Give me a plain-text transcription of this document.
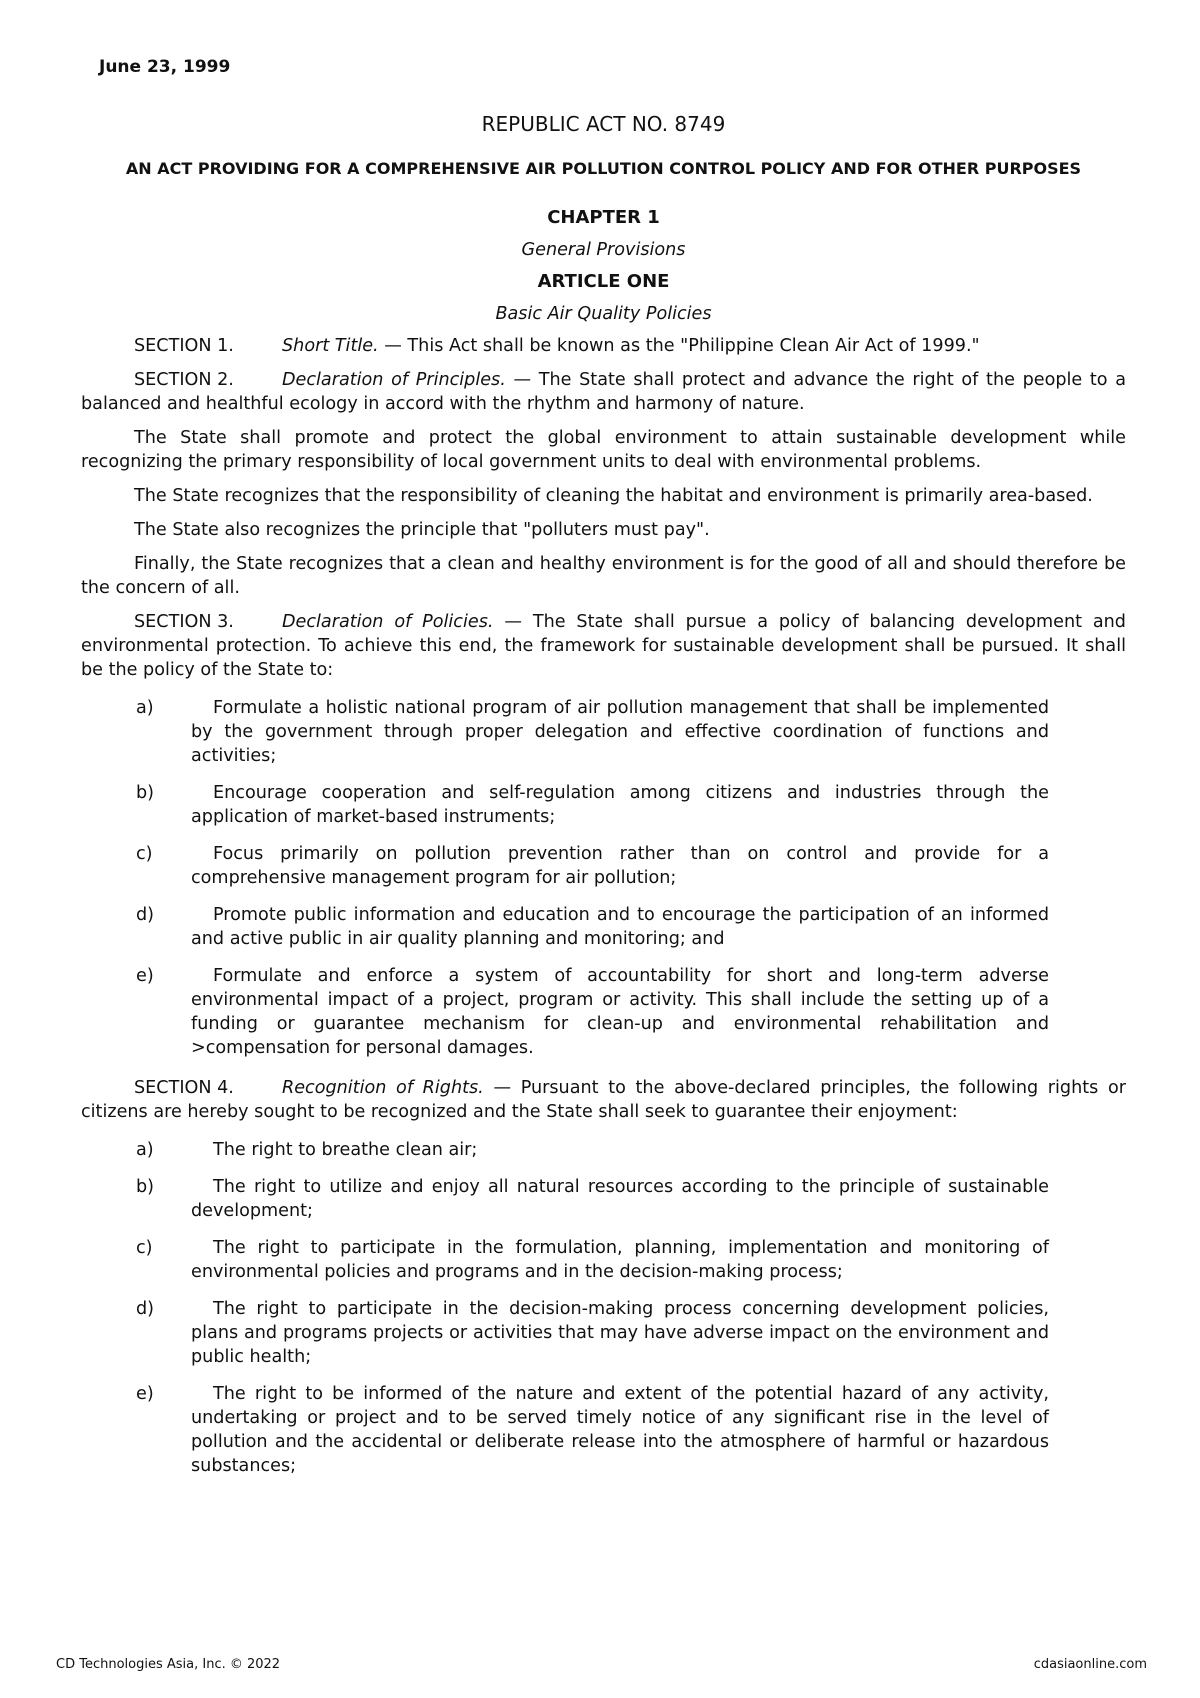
June 23, 1999
REPUBLIC ACT NO. 8749
AN ACT PROVIDING FOR A COMPREHENSIVE AIR POLLUTION CONTROL POLICY AND FOR OTHER PURPOSES
CHAPTER 1
General Provisions
ARTICLE ONE
Basic Air Quality Policies

SECTION 1.	Short Title. — This Act shall be known as the "Philippine Clean Air Act of 1999."

SECTION 2.	Declaration of Principles. — The State shall protect and advance the right of the people to a balanced and healthful ecology in accord with the rhythm and harmony of nature.

The State shall promote and protect the global environment to attain sustainable development while recognizing the primary responsibility of local government units to deal with environmental problems.

The State recognizes that the responsibility of cleaning the habitat and environment is primarily area-based.

The State also recognizes the principle that "polluters must pay".

Finally, the State recognizes that a clean and healthy environment is for the good of all and should therefore be the concern of all.

SECTION 3.	Declaration of Policies. — The State shall pursue a policy of balancing development and environmental protection. To achieve this end, the framework for sustainable development shall be pursued. It shall be the policy of the State to:

a)	Formulate a holistic national program of air pollution management that shall be implemented by the government through proper delegation and effective coordination of functions and activities;
b)	Encourage cooperation and self-regulation among citizens and industries through the application of market-based instruments;
c)	Focus primarily on pollution prevention rather than on control and provide for a comprehensive management program for air pollution;
d)	Promote public information and education and to encourage the participation of an informed and active public in air quality planning and monitoring; and
e)	Formulate and enforce a system of accountability for short and long-term adverse environmental impact of a project, program or activity. This shall include the setting up of a funding or guarantee mechanism for clean-up and environmental rehabilitation and >compensation for personal damages.

SECTION 4.	Recognition of Rights. — Pursuant to the above-declared principles, the following rights or citizens are hereby sought to be recognized and the State shall seek to guarantee their enjoyment:

a)	The right to breathe clean air;
b)	The right to utilize and enjoy all natural resources according to the principle of sustainable development;
c)	The right to participate in the formulation, planning, implementation and monitoring of environmental policies and programs and in the decision-making process;
d)	The right to participate in the decision-making process concerning development policies, plans and programs projects or activities that may have adverse impact on the environment and public health;
e)	The right to be informed of the nature and extent of the potential hazard of any activity, undertaking or project and to be served timely notice of any significant rise in the level of pollution and the accidental or deliberate release into the atmosphere of harmful or hazardous substances;
CD Technologies Asia, Inc. © 2022	cdasiaonline.com
